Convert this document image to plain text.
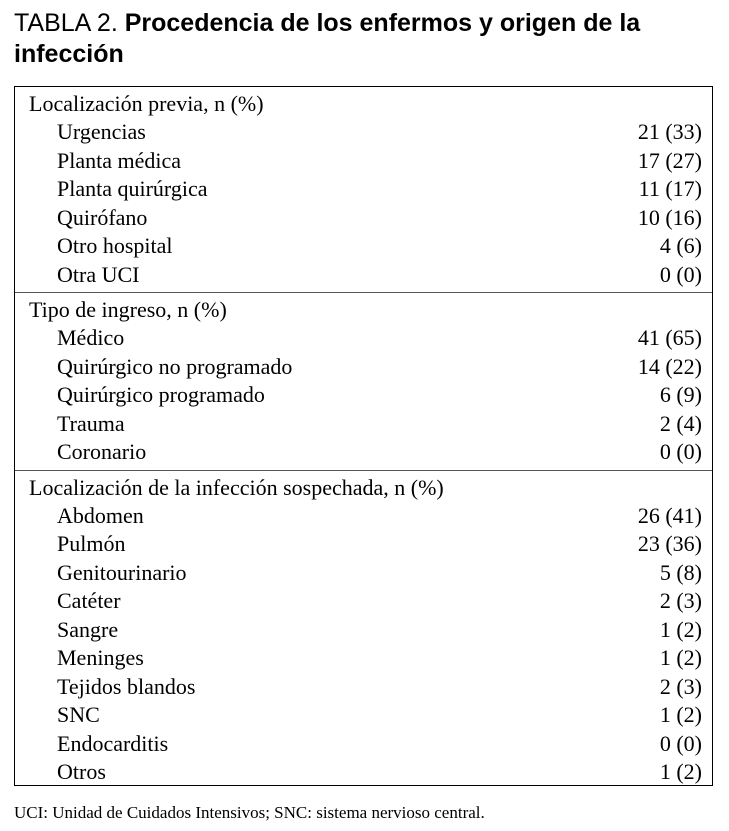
TABLA 2. Procedencia de los enfermos y origen de la infección
Localización previa, n (%)
Urgencias	21 (33)
Planta médica	17 (27)
Planta quirúrgica	11 (17)
Quirófano	10 (16)
Otro hospital	4 (6)
Otra UCI	0 (0)
Tipo de ingreso, n (%)
Médico	41 (65)
Quirúrgico no programado	14 (22)
Quirúrgico programado	6 (9)
Trauma	2 (4)
Coronario	0 (0)
Localización de la infección sospechada, n (%)
Abdomen	26 (41)
Pulmón	23 (36)
Genitourinario	5 (8)
Catéter	2 (3)
Sangre	1 (2)
Meninges	1 (2)
Tejidos blandos	2 (3)
SNC	1 (2)
Endocarditis	0 (0)
Otros	1 (2)
UCI: Unidad de Cuidados Intensivos; SNC: sistema nervioso central.
